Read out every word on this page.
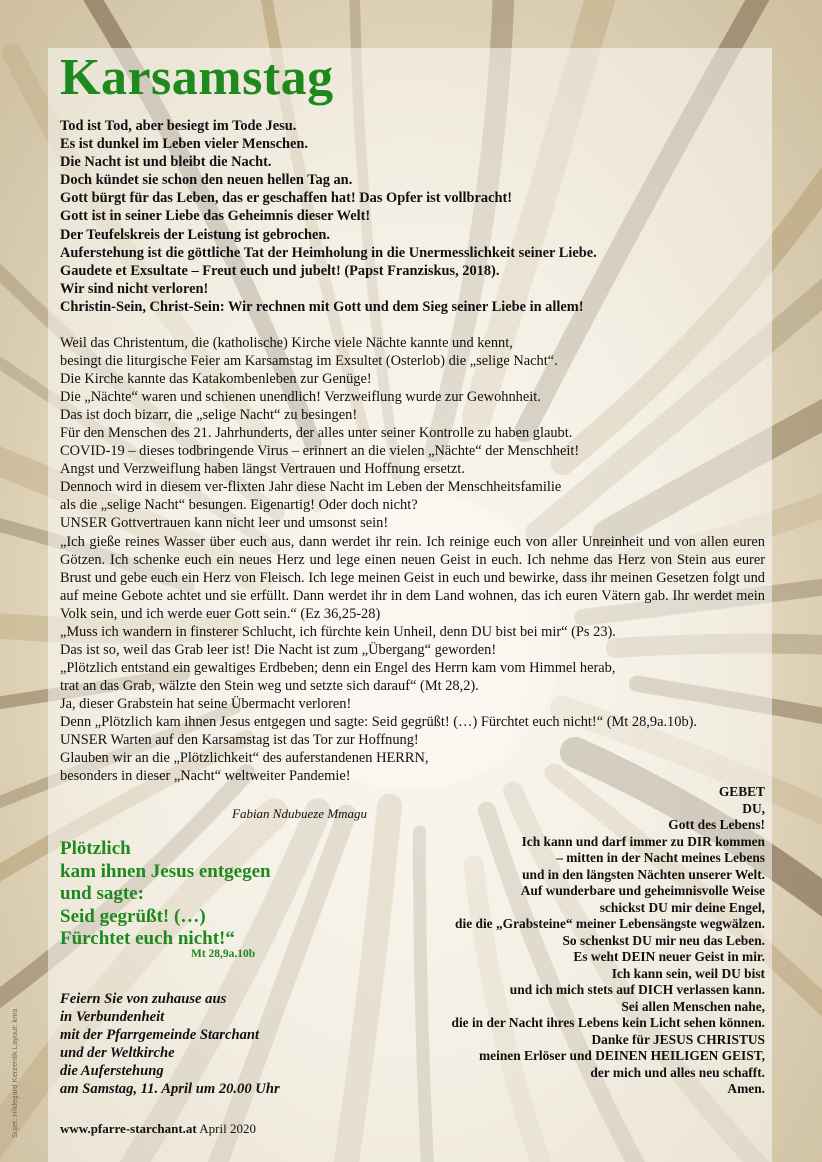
Karsamstag
Tod ist Tod, aber besiegt im Tode Jesu.
Es ist dunkel im Leben vieler Menschen.
Die Nacht ist und bleibt die Nacht.
Doch kündet sie schon den neuen hellen Tag an.
Gott bürgt für das Leben, das er geschaffen hat! Das Opfer ist vollbracht!
Gott ist in seiner Liebe das Geheimnis dieser Welt!
Der Teufelskreis der Leistung ist gebrochen.
Auferstehung ist die göttliche Tat der Heimholung in die Unermesslichkeit seiner Liebe.
Gaudete et Exsultate – Freut euch und jubelt! (Papst Franziskus, 2018).
Wir sind nicht verloren!
Christin-Sein, Christ-Sein: Wir rechnen mit Gott und dem Sieg seiner Liebe in allem!
Weil das Christentum, die (katholische) Kirche viele Nächte kannte und kennt,
besingt die liturgische Feier am Karsamstag im Exsultet (Osterlob) die „selige Nacht“.
Die Kirche kannte das Katakombenleben zur Genüge!
Die „Nächte“ waren und schienen unendlich! Verzweiflung wurde zur Gewohnheit.
Das ist doch bizarr, die „selige Nacht“ zu besingen!
Für den Menschen des 21. Jahrhunderts, der alles unter seiner Kontrolle zu haben glaubt.
COVID-19 – dieses todbringende Virus – erinnert an die vielen „Nächte“ der Menschheit!
Angst und Verzweiflung haben längst Vertrauen und Hoffnung ersetzt.
Dennoch wird in diesem ver-flixten Jahr diese Nacht im Leben der Menschheitsfamilie
als die „selige Nacht“ besungen. Eigenartig! Oder doch nicht?
UNSER Gottvertrauen kann nicht leer und umsonst sein!
„Ich gieße reines Wasser über euch aus, dann werdet ihr rein. Ich reinige euch von aller Unreinheit und von allen euren Götzen. Ich schenke euch ein neues Herz und lege einen neuen Geist in euch. Ich nehme das Herz von Stein aus eurer Brust und gebe euch ein Herz von Fleisch. Ich lege meinen Geist in euch und bewirke, dass ihr meinen Gesetzen folgt und auf meine Gebote achtet und sie erfüllt. Dann werdet ihr in dem Land wohnen, das ich euren Vätern gab. Ihr werdet mein Volk sein, und ich werde euer Gott sein.“ (Ez 36,25-28)
„Muss ich wandern in finsterer Schlucht, ich fürchte kein Unheil, denn DU bist bei mir“ (Ps 23).
Das ist so, weil das Grab leer ist! Die Nacht ist zum „Übergang“ geworden!
„Plötzlich entstand ein gewaltiges Erdbeben; denn ein Engel des Herrn kam vom Himmel herab,
trat an das Grab, wälzte den Stein weg und setzte sich darauf“ (Mt 28,2).
Ja, dieser Grabstein hat seine Übermacht verloren!
Denn „Plötzlich kam ihnen Jesus entgegen und sagte: Seid gegrüßt! (…) Fürchtet euch nicht!“ (Mt 28,9a.10b).
UNSER Warten auf den Karsamstag ist das Tor zur Hoffnung!
Glauben wir an die „Plötzlichkeit“ des auferstandenen HERRN,
besonders in dieser „Nacht“ weltweiter Pandemie!
Fabian Ndubueze Mmagu
Plötzlich
kam ihnen Jesus entgegen
und sagte:
Seid gegrüßt! (…)
Fürchtet euch nicht!“
Mt 28,9a.10b
Feiern Sie von zuhause aus
in Verbundenheit
mit der Pfarrgemeinde Starchant
und der Weltkirche
die Auferstehung
am Samstag, 11. April um 20.00 Uhr
www.pfarre-starchant.at April 2020
GEBET
DU,
Gott des Lebens!
Ich kann und darf immer zu DIR kommen
– mitten in der Nacht meines Lebens
und in den längsten Nächten unserer Welt.
Auf wunderbare und geheimnisvolle Weise
schickst DU mir deine Engel,
die die „Grabsteine“ meiner Lebensängste wegwälzen.
So schenkst DU mir neu das Leben.
Es weht DEIN neuer Geist in mir.
Ich kann sein, weil DU bist
und ich mich stets auf DICH verlassen kann.
Sei allen Menschen nahe,
die in der Nacht ihres Lebens kein Licht sehen können.
Danke für JESUS CHRISTUS
meinen Erlöser und DEINEN HEILIGEN GEIST,
der mich und alles neu schafft.
Amen.
Sujet: Hildegard Kerzentik Layout: kms
